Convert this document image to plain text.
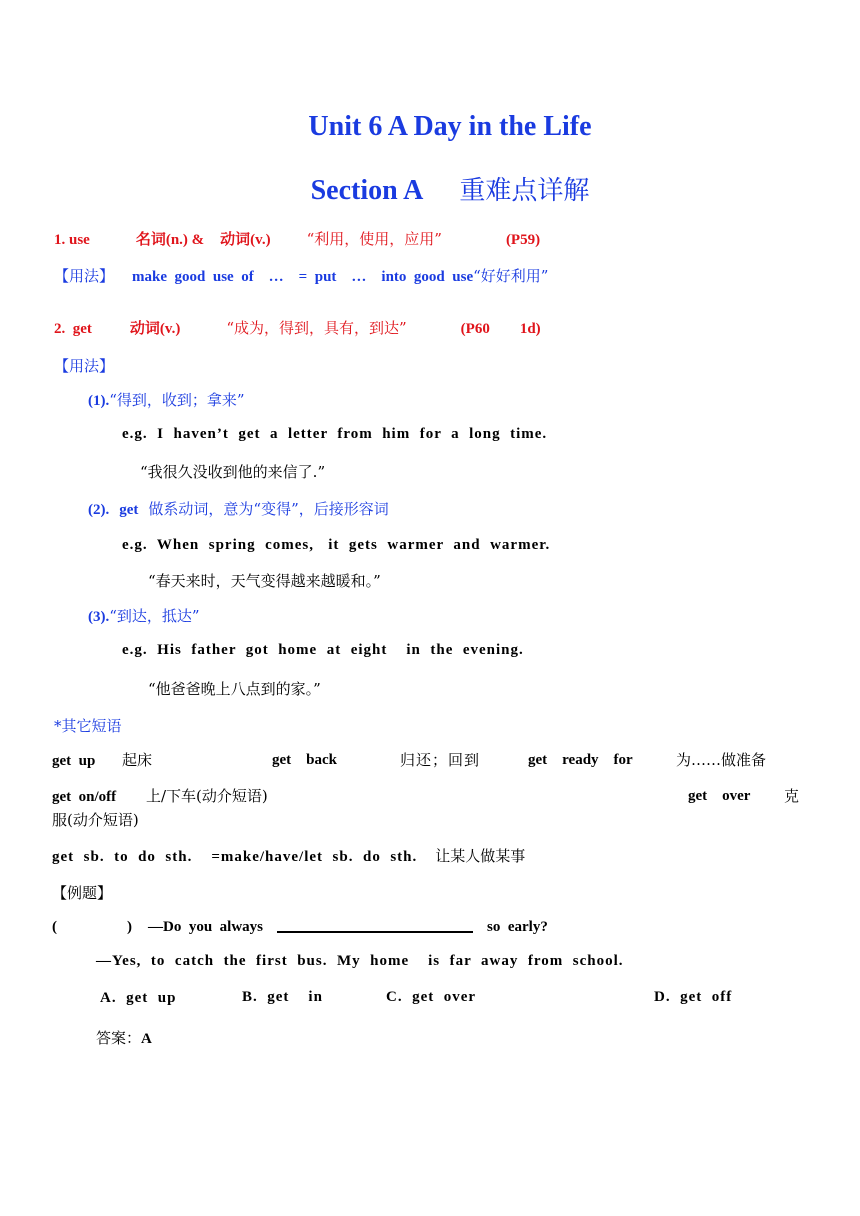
Unit 6 A Day in the Life
Section A 重难点详解
1. use	名词(n.) & 动词(v.) “利用，使用，应用”	(P59)
【用法】 make  good  use  of    …    =  put    …    into  good  use“好好利用”
2.  get	动词(v.)	“成为，得到，具有，到达”	(P60        1d)
【用法】
(1).“得到，收到；拿来”
e.g.  I  haven’t  get  a  letter  from  him  for  a  long  time.
“我很久没收到他的来信了.”
(2). get 做系动词，意为“变得”，后接形容词
e.g.  When  spring  comes,   it  gets  warmer  and  warmer.
“春天来时，天气变得越来越暖和。”
(3).“到达，抵达”
e.g.  His  father  got  home  at  eight    in  the  evening.
“他爸爸晚上八点到的家。”
*其它短语
get  up 起床	get    back	归还；回到	get    ready    for	为……做准备
get  on/off 上/下车(动介短语)	get    over 克
服(动介短语)
get  sb.  to  do  sth.    =make/have/let  sb.  do  sth. 让某人做某事
【例题】
(	) —Do  you  always	so  early?
—Yes,  to  catch  the  first  bus.  My  home    is  far  away  from  school.
A.  get  up	B.  get    in	C.  get  over	D.  get  off
答案：A
